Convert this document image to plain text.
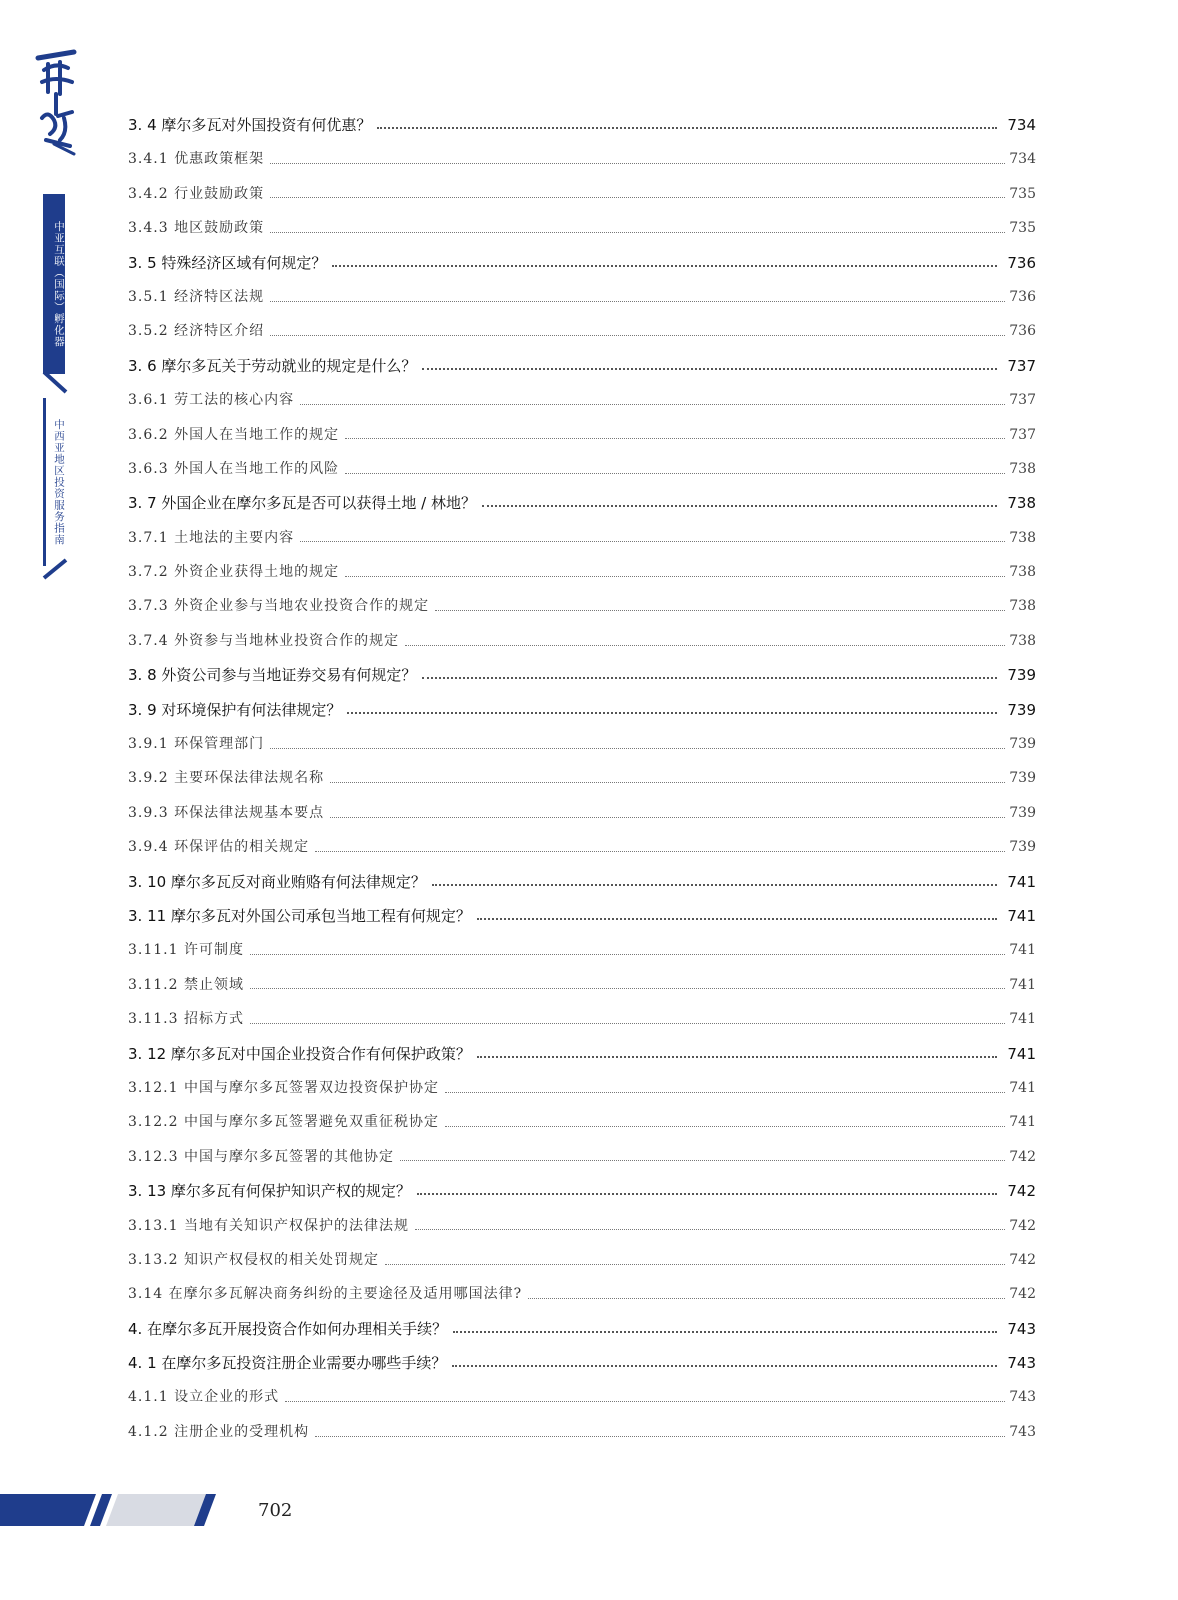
中亚互联（国际）孵化器
中西亚地区投资服务指南
3. 4 摩尔多瓦对外国投资有何优惠？	734
3.4.1 优惠政策框架	734
3.4.2 行业鼓励政策	735
3.4.3 地区鼓励政策	735
3. 5 特殊经济区域有何规定？	736
3.5.1 经济特区法规	736
3.5.2 经济特区介绍	736
3. 6 摩尔多瓦关于劳动就业的规定是什么？	737
3.6.1 劳工法的核心内容	737
3.6.2 外国人在当地工作的规定	737
3.6.3 外国人在当地工作的风险	738
3. 7 外国企业在摩尔多瓦是否可以获得土地 / 林地？	738
3.7.1 土地法的主要内容	738
3.7.2 外资企业获得土地的规定	738
3.7.3 外资企业参与当地农业投资合作的规定	738
3.7.4 外资参与当地林业投资合作的规定	738
3. 8 外资公司参与当地证券交易有何规定？	739
3. 9 对环境保护有何法律规定？	739
3.9.1 环保管理部门	739
3.9.2 主要环保法律法规名称	739
3.9.3 环保法律法规基本要点	739
3.9.4 环保评估的相关规定	739
3. 10 摩尔多瓦反对商业贿赂有何法律规定？	741
3. 11 摩尔多瓦对外国公司承包当地工程有何规定？	741
3.11.1 许可制度	741
3.11.2 禁止领域	741
3.11.3 招标方式	741
3. 12 摩尔多瓦对中国企业投资合作有何保护政策？	741
3.12.1 中国与摩尔多瓦签署双边投资保护协定	741
3.12.2 中国与摩尔多瓦签署避免双重征税协定	741
3.12.3 中国与摩尔多瓦签署的其他协定	742
3. 13 摩尔多瓦有何保护知识产权的规定？	742
3.13.1 当地有关知识产权保护的法律法规	742
3.13.2 知识产权侵权的相关处罚规定	742
3.14 在摩尔多瓦解决商务纠纷的主要途径及适用哪国法律?	742
4. 在摩尔多瓦开展投资合作如何办理相关手续？	743
4. 1 在摩尔多瓦投资注册企业需要办哪些手续？	743
4.1.1 设立企业的形式	743
4.1.2 注册企业的受理机构	743
702
